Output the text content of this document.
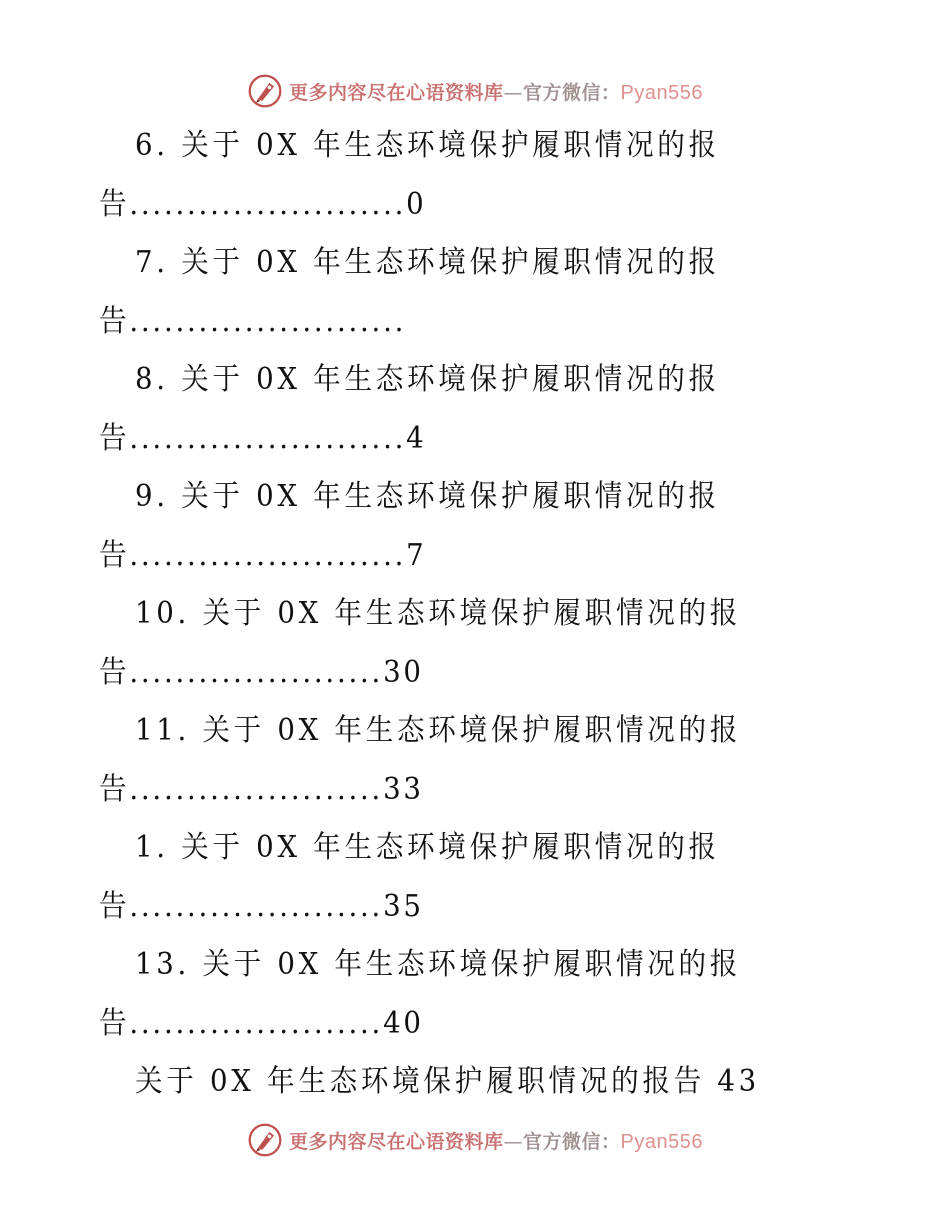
更多内容尽在心语资料库—官方微信：Pyan556
6. 关于 0X 年生态环境保护履职情况的报
告........................0
7. 关于 0X 年生态环境保护履职情况的报
告........................
8. 关于 0X 年生态环境保护履职情况的报
告........................4
9. 关于 0X 年生态环境保护履职情况的报
告........................7
10. 关于 0X 年生态环境保护履职情况的报
告......................30
11. 关于 0X 年生态环境保护履职情况的报
告......................33
1. 关于 0X 年生态环境保护履职情况的报
告......................35
13. 关于 0X 年生态环境保护履职情况的报
告......................40
关于 0X 年生态环境保护履职情况的报告 43
更多内容尽在心语资料库—官方微信：Pyan556
